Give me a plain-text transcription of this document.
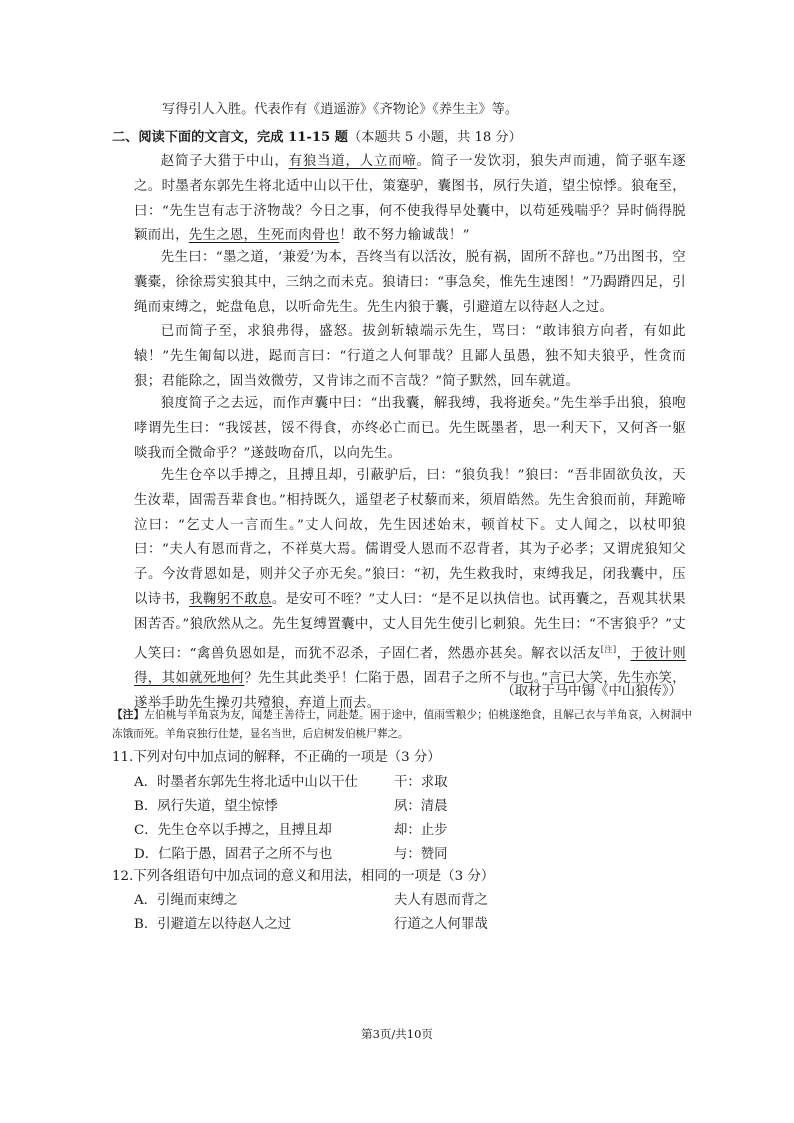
写得引人入胜。代表作有《逍遥游》《齐物论》《养生主》等。
二、阅读下面的文言文，完成 11-15 题（本题共 5 小题，共 18 分）
赵简子大猎于中山，有狼当道，人立而啼。简子一发饮羽，狼失声而逋，简子驱车逐之。时墨者东郭先生将北适中山以干仕，策蹇驴，囊图书，夙行失道，望尘惊悸。狼奄至，曰：“先生岂有志于济物哉？今日之事，何不使我得早处囊中，以苟延残喘乎？异时倘得脱颖而出，先生之恩，生死而肉骨也！敢不努力输诚哉！”
先生曰：“墨之道，‘兼爱’为本，吾终当有以活汝，脱有祸，固所不辞也。”乃出图书，空囊橐，徐徐焉实狼其中，三纳之而未克。狼请曰：“事急矣，惟先生速图！”乃跼蹐四足，引绳而束缚之，蛇盘龟息，以听命先生。先生内狼于囊，引避道左以待赵人之过。
已而简子至，求狼弗得，盛怒。拔剑斩辕端示先生，骂曰：“敢讳狼方向者，有如此辕！”先生匍匐以进，跽而言曰：“行道之人何罪哉？且鄙人虽愚，独不知夫狼乎，性贪而狠；君能除之，固当效微劳，又肯讳之而不言哉？”简子默然，回车就道。
狼度简子之去远，而作声囊中曰：“出我囊，解我缚，我将逝矣。”先生举手出狼，狼咆哮谓先生曰：“我馁甚，馁不得食，亦终必亡而已。先生既墨者，思一利天下，又何吝一躯啖我而全微命乎？”遂鼓吻奋爪，以向先生。
先生仓卒以手搏之，且搏且却，引蔽驴后，曰：“狼负我！”狼曰：“吾非固欲负汝，天生汝辈，固需吾辈食也。”相持既久，遥望老子杖藜而来，须眉皓然。先生舍狼而前，拜跪啼泣曰：“乞丈人一言而生。”丈人问故，先生因述始末，顿首杖下。丈人闻之，以杖叩狼曰：“夫人有恩而背之，不祥莫大焉。儒谓受人恩而不忍背者，其为子必孝；又谓虎狼知父子。今汝背恩如是，则并父子亦无矣。”狼曰：“初，先生救我时，束缚我足，闭我囊中，压以诗书，我鞠躬不敢息。是安可不咥？”丈人曰：“是不足以执信也。试再囊之，吾观其状果困苦否。”狼欣然从之。先生复缚置囊中，丈人目先生使引匕刺狼。先生曰：“不害狼乎？”丈人笑曰：“禽兽负恩如是，而犹不忍杀，子固仁者，然愚亦甚矣。解衣以活友[注]，于彼计则得，其如就死地何？先生其此类乎！仁陷于愚，固君子之所不与也。”言已大笑，先生亦笑，遂举手助先生操刃共殪狼，弃道上而去。
（取材于马中锡《中山狼传》）
【注】左伯桃与羊角哀为友，闻楚王善待士，同赴楚。困于途中，值雨雪粮少；伯桃遂绝食，且解己衣与羊角哀，入树洞中冻饿而死。羊角哀独行仕楚，显名当世，后启树发伯桃尸葬之。
11.下列对句中加点词的解释，不正确的一项是（3 分）
A．时墨者东郭先生将北适中山以干仕	干：求取
B．夙行失道，望尘惊悸	夙：清晨
C．先生仓卒以手搏之，且搏且却	却：止步
D．仁陷于愚，固君子之所不与也	与：赞同
12.下列各组语句中加点词的意义和用法，相同的一项是（3 分）
A．引绳而束缚之	夫人有恩而背之
B．引避道左以待赵人之过	行道之人何罪哉
第3页/共10页
